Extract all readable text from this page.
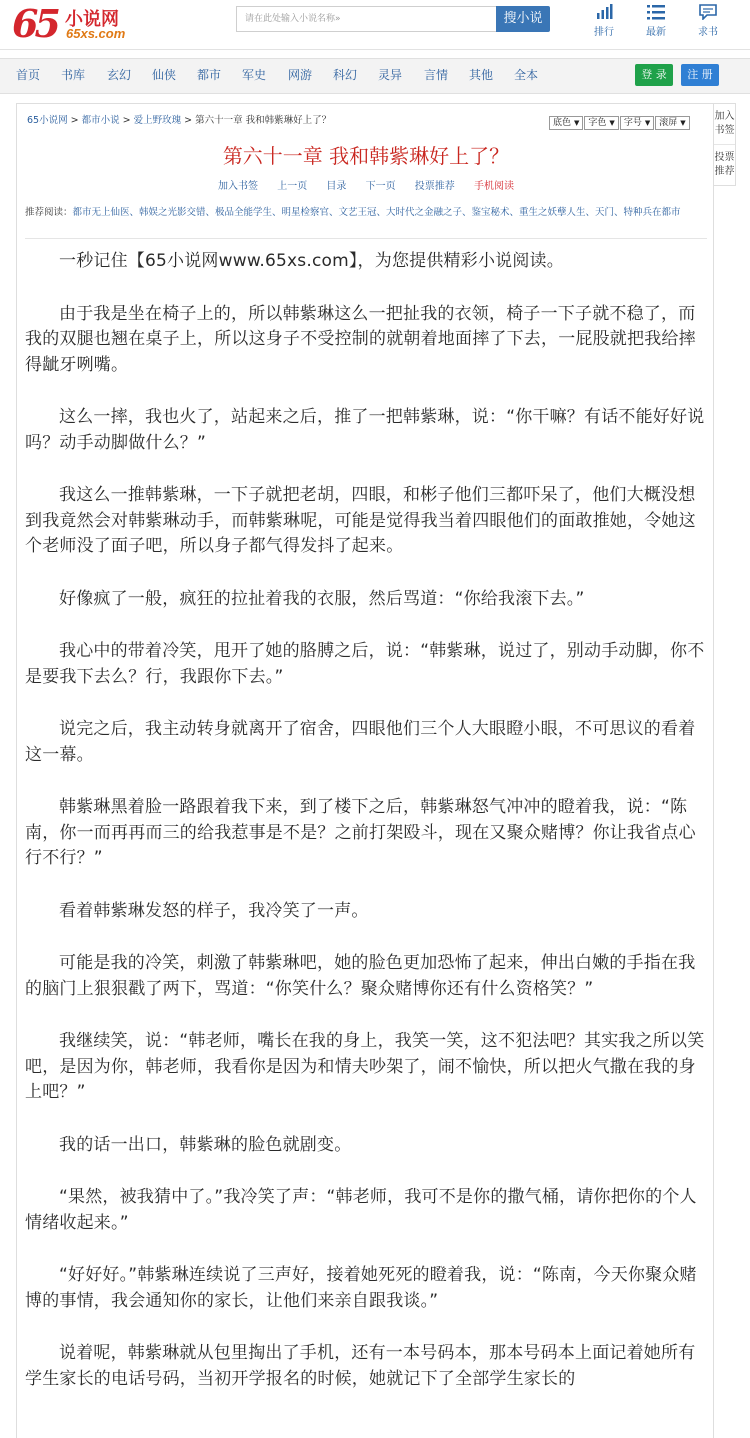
65 小说网
65xs.com
请在此处输入小说名称»	搜小说
排行	最新	求书
首页 书库 玄幻 仙侠 都市 军史 网游 科幻 灵异 言情 其他 全本	登 录	注 册
65小说网 > 都市小说 > 爱上野玫瑰 > 第六十一章 我和韩紫琳好上了？	底色 ▼ 字色 ▼ 字号 ▼ 滚屏 ▼
第六十一章 我和韩紫琳好上了？
加入书签 上一页 目录 下一页 投票推荐 手机阅读
推荐阅读：都市无上仙医、韩娱之光影交错、极品全能学生、明星检察官、文艺王冠、大时代之金融之子、鉴宝秘术、重生之妖孽人生、天门、特种兵在都市

一秒记住【65小说网www.65xs.com】，为您提供精彩小说阅读。

由于我是坐在椅子上的，所以韩紫琳这么一把扯我的衣领，椅子一下子就不稳了，而我的双腿也翘在桌子上，所以这身子不受控制的就朝着地面摔了下去，一屁股就把我给摔得龇牙咧嘴。

这么一摔，我也火了，站起来之后，推了一把韩紫琳，说：“你干嘛？有话不能好好说吗？动手动脚做什么？”

我这么一推韩紫琳，一下子就把老胡，四眼，和彬子他们三都吓呆了，他们大概没想到我竟然会对韩紫琳动手，而韩紫琳呢，可能是觉得我当着四眼他们的面敢推她，令她这个老师没了面子吧，所以身子都气得发抖了起来。

好像疯了一般，疯狂的拉扯着我的衣服，然后骂道：“你给我滚下去。”

我心中的带着冷笑，甩开了她的胳膊之后，说：“韩紫琳，说过了，别动手动脚，你不是要我下去么？行，我跟你下去。”

说完之后，我主动转身就离开了宿舍，四眼他们三个人大眼瞪小眼，不可思议的看着这一幕。

韩紫琳黑着脸一路跟着我下来，到了楼下之后，韩紫琳怒气冲冲的瞪着我，说：“陈南，你一而再再而三的给我惹事是不是？之前打架殴斗，现在又聚众赌博？你让我省点心行不行？”

看着韩紫琳发怒的样子，我冷笑了一声。

可能是我的冷笑，刺激了韩紫琳吧，她的脸色更加恐怖了起来，伸出白嫩的手指在我的脑门上狠狠戳了两下，骂道：“你笑什么？聚众赌博你还有什么资格笑？”

我继续笑，说：“韩老师，嘴长在我的身上，我笑一笑，这不犯法吧？其实我之所以笑吧，是因为你，韩老师，我看你是因为和情夫吵架了，闹不愉快，所以把火气撒在我的身上吧？”

我的话一出口，韩紫琳的脸色就剧变。

“果然，被我猜中了。”我冷笑了声：“韩老师，我可不是你的撒气桶，请你把你的个人情绪收起来。”

“好好好。”韩紫琳连续说了三声好，接着她死死的瞪着我，说：“陈南，今天你聚众赌博的事情，我会通知你的家长，让他们来亲自跟我谈。”

说着呢，韩紫琳就从包里掏出了手机，还有一本号码本，那本号码本上面记着她所有学生家长的电话号码，当初开学报名的时候，她就记下了全部学生家长的

加入书签
投票推荐
